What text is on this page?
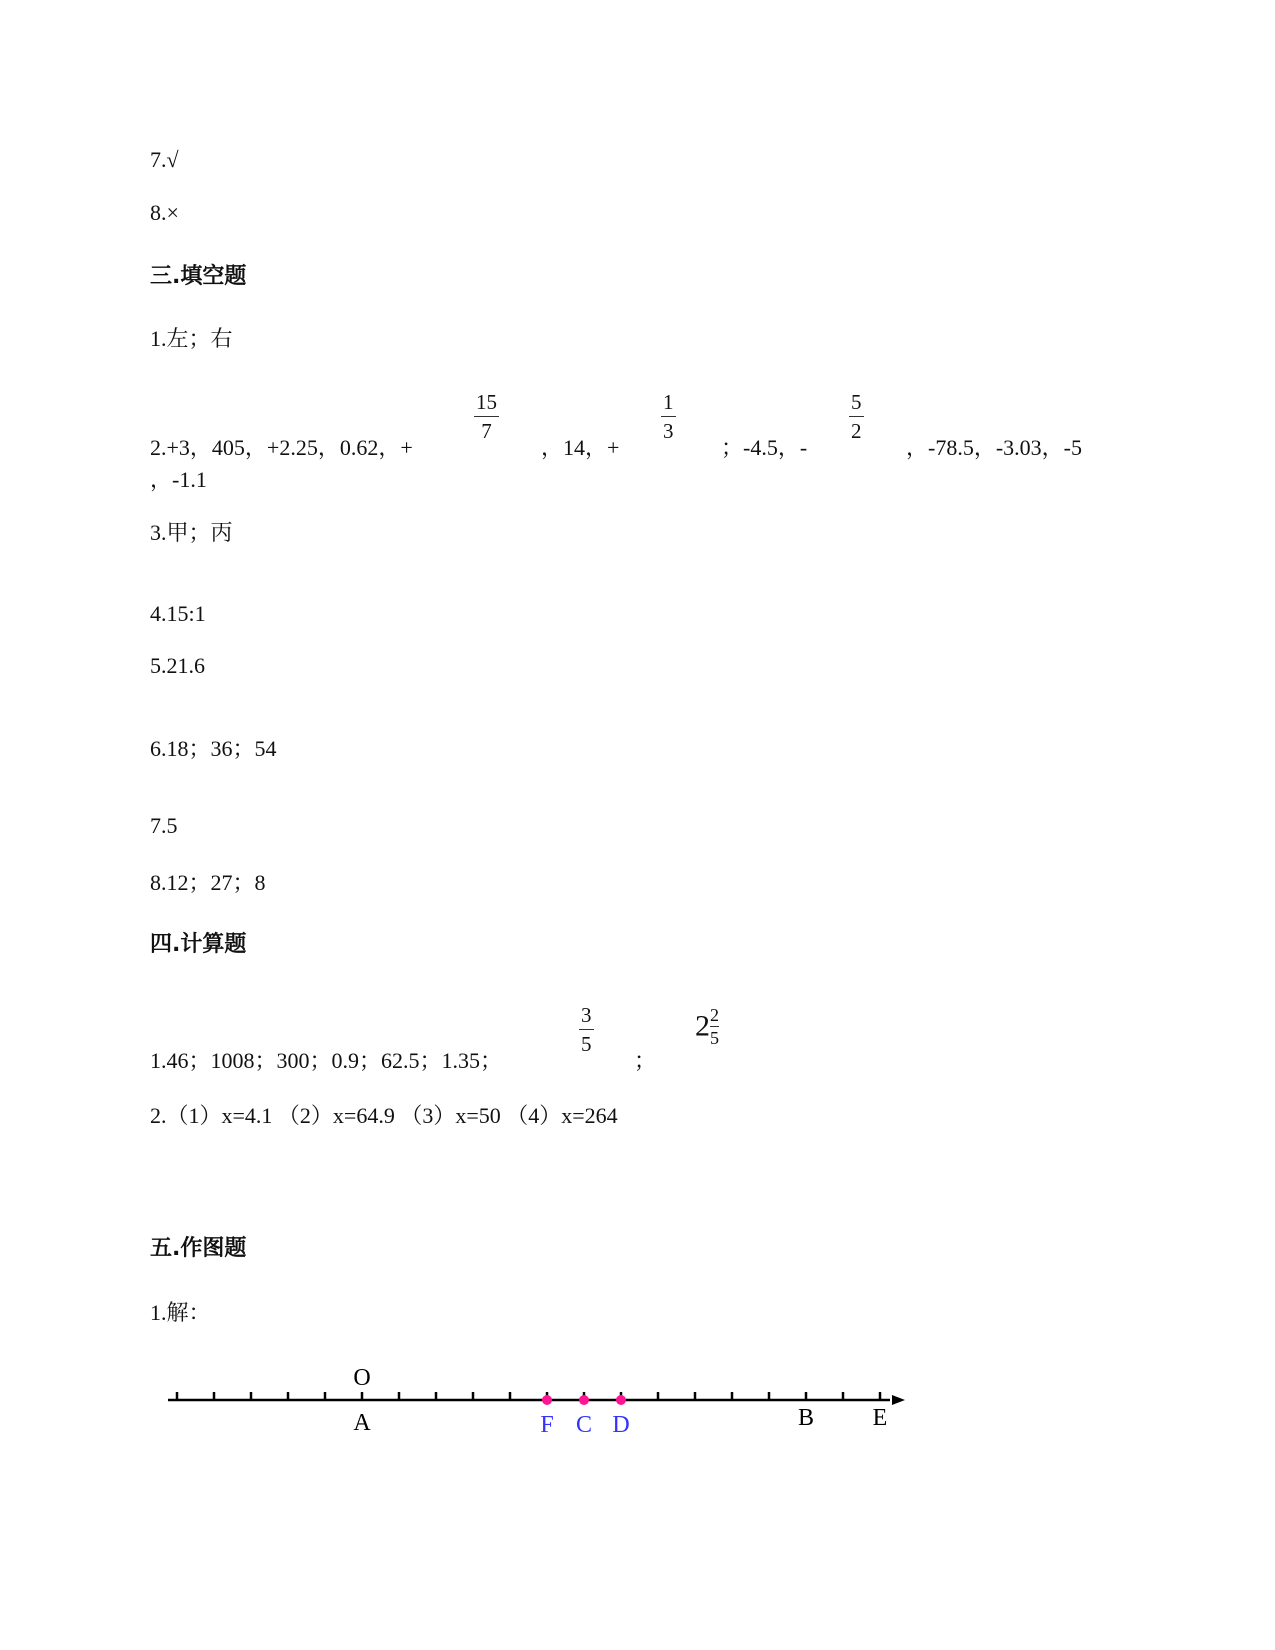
7.√
8.×
三.填空题
1.左；右
2.+3，405，+2.25，0.62，+
$\frac{15}{7}$
，14，+
$\frac{1}{3}$
；-4.5，-
$\frac{5}{2}$
，-78.5，-3.03，-5
，-1.1
3.甲；丙
4.15:1
5.21.6
6.18；36；54
7.5
8.12；27；8
四.计算题
1.46；1008；300；0.9；62.5；1.35；
$\frac{3}{5}$
；
$2 \frac{2}{5}$
2.（1）x=4.1 （2）x=64.9 （3）x=50 （4）x=264
五.作图题
1.解：
O
A	F C D	B E
